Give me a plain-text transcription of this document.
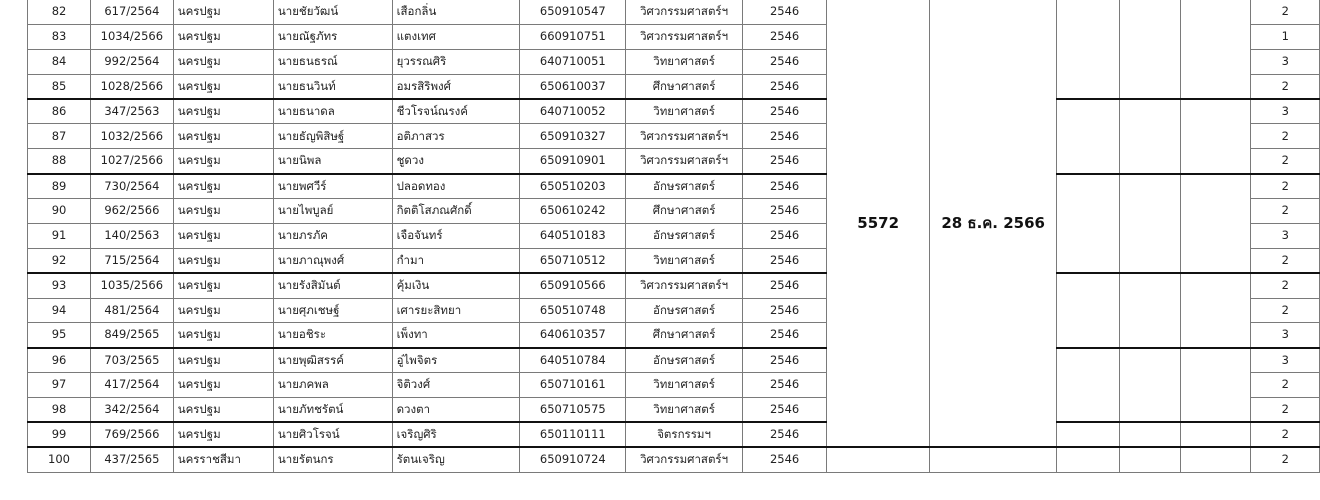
82	617/2564	นครปฐม	นายชัยวัฒน์	เสือกลิ่น	650910547	วิศวกรรมศาสตร์ฯ	2546	5572	28 ธ.ค. 2566				2
83	1034/2566	นครปฐม	นายณัฐภัทร	แตงเทศ	660910751	วิศวกรรมศาสตร์ฯ	2546						1
84	992/2564	นครปฐม	นายธนธรณ์	ยุวรรณศิริ	640710051	วิทยาศาสตร์	2546						3
85	1028/2566	นครปฐม	นายธนวินท์	อมรสิริพงศ์	650610037	ศึกษาศาสตร์	2546						2
86	347/2563	นครปฐม	นายธนาดล	ชีวโรจน์ณรงค์	640710052	วิทยาศาสตร์	2546						3
87	1032/2566	นครปฐม	นายธัญพิสิษฐ์	อติภาสวร	650910327	วิศวกรรมศาสตร์ฯ	2546						2
88	1027/2566	นครปฐม	นายนิพล	ชูดวง	650910901	วิศวกรรมศาสตร์ฯ	2546						2
89	730/2564	นครปฐม	นายพศวีร์	ปลอดทอง	650510203	อักษรศาสตร์	2546						2
90	962/2566	นครปฐม	นายไพบูลย์	กิตติโสภณศักดิ์	650610242	ศึกษาศาสตร์	2546						2
91	140/2563	นครปฐม	นายภรภัค	เจือจันทร์	640510183	อักษรศาสตร์	2546						3
92	715/2564	นครปฐม	นายภาณุพงศ์	กำมา	650710512	วิทยาศาสตร์	2546						2
93	1035/2566	นครปฐม	นายรังสิมันต์	คุ้มเงิน	650910566	วิศวกรรมศาสตร์ฯ	2546						2
94	481/2564	นครปฐม	นายศุภเชษฐ์	เศารยะสิทยา	650510748	อักษรศาสตร์	2546						2
95	849/2565	นครปฐม	นายอชิระ	เพ็งทา	640610357	ศึกษาศาสตร์	2546						3
96	703/2565	นครปฐม	นายพุฒิสรรค์	อู่ไพจิตร	640510784	อักษรศาสตร์	2546						3
97	417/2564	นครปฐม	นายภคพล	จิติวงศ์	650710161	วิทยาศาสตร์	2546						2
98	342/2564	นครปฐม	นายภัทชรัตน์	ดวงตา	650710575	วิทยาศาสตร์	2546						2
99	769/2566	นครปฐม	นายศิวโรจน์	เจริญศิริ	650110111	จิตรกรรมฯ	2546						2
100	437/2565	นครราชสีมา	นายรัตนกร	รัตนเจริญ	650910724	วิศวกรรมศาสตร์ฯ	2546						2
